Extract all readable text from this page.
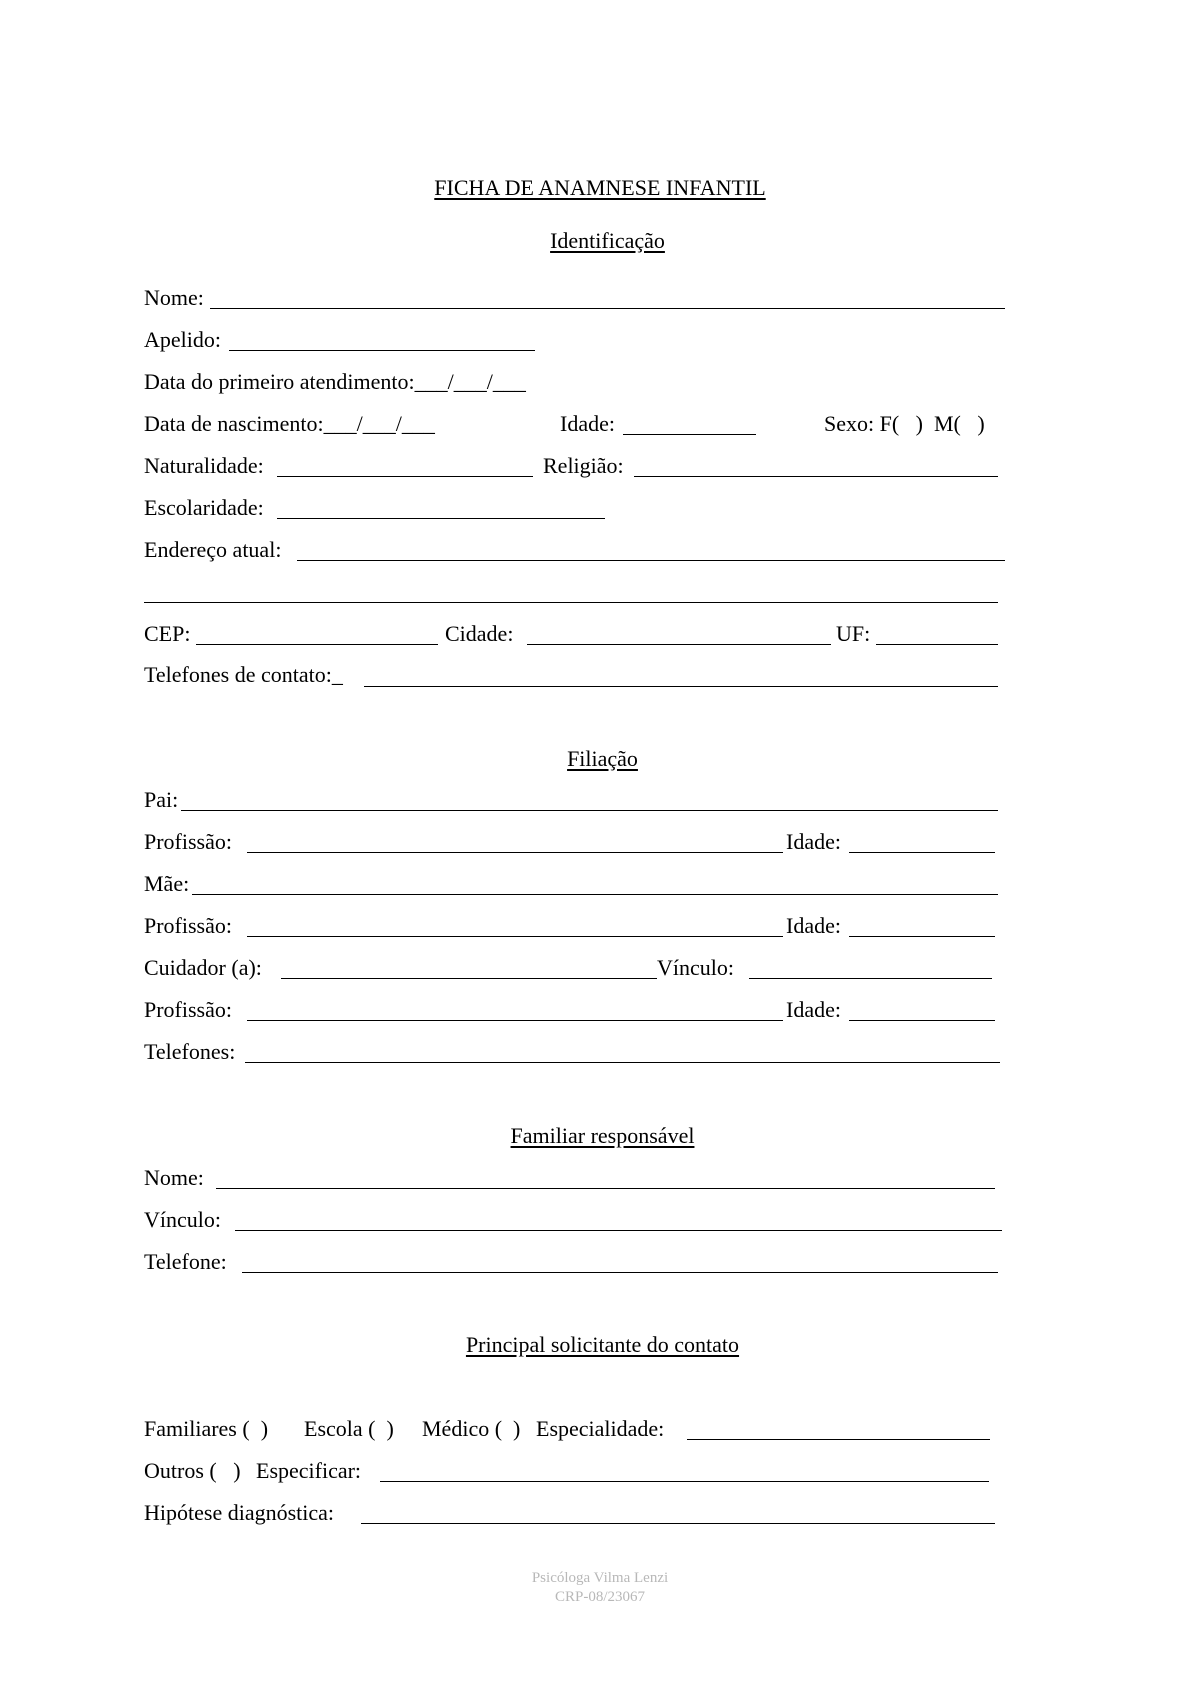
FICHA DE ANAMNESE INFANTIL
Identificação
Nome:
Apelido:
Data do primeiro atendimento:___/___/___
Data de nascimento:___/___/___	Idade:	Sexo: F(   )  M(   )
Naturalidade:	Religião:
Escolaridade:
Endereço atual:
CEP:	Cidade:	UF:
Telefones de contato:_
Filiação
Pai:
Profissão:	Idade:
Mãe:
Profissão:	Idade:
Cuidador (a):	Vínculo:
Profissão:	Idade:
Telefones:
Familiar responsável
Nome:
Vínculo:
Telefone:
Principal solicitante do contato
Familiares (  ) Escola (  ) Médico (  ) Especialidade:
Outros (   ) Especificar:
Hipótese diagnóstica:
Psicóloga Vilma Lenzi
CRP-08/23067
